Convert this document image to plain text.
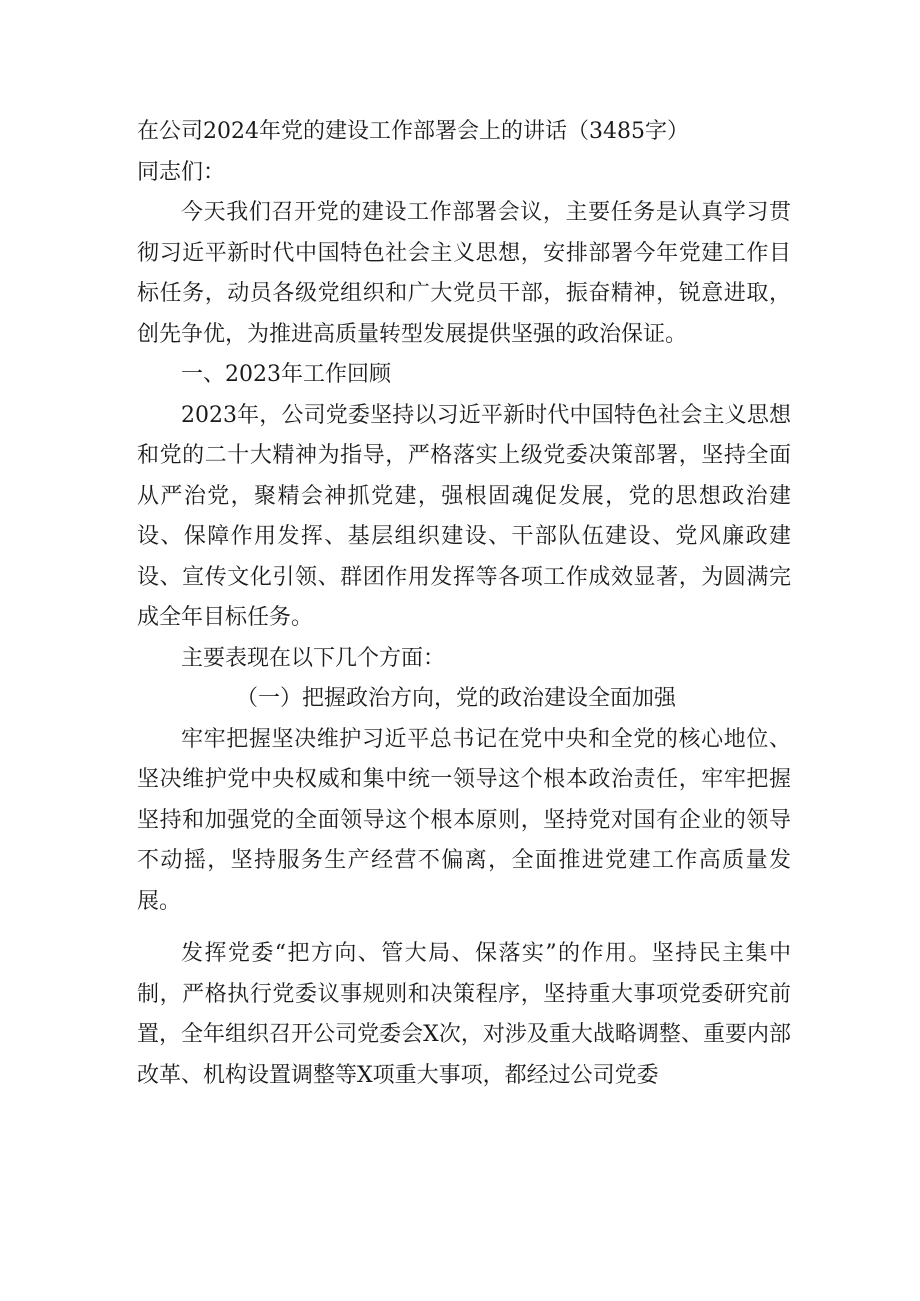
在公司2024年党的建设工作部署会上的讲话（3485字）

同志们：

今天我们召开党的建设工作部署会议，主要任务是认真学习贯彻习近平新时代中国特色社会主义思想，安排部署今年党建工作目标任务，动员各级党组织和广大党员干部，振奋精神，锐意进取，创先争优，为推进高质量转型发展提供坚强的政治保证。

一、2023年工作回顾

2023年，公司党委坚持以习近平新时代中国特色社会主义思想和党的二十大精神为指导，严格落实上级党委决策部署，坚持全面从严治党，聚精会神抓党建，强根固魂促发展，党的思想政治建设、保障作用发挥、基层组织建设、干部队伍建设、党风廉政建设、宣传文化引领、群团作用发挥等各项工作成效显著，为圆满完成全年目标任务。

主要表现在以下几个方面：

（一）把握政治方向，党的政治建设全面加强

牢牢把握坚决维护习近平总书记在党中央和全党的核心地位、坚决维护党中央权威和集中统一领导这个根本政治责任，牢牢把握坚持和加强党的全面领导这个根本原则，坚持党对国有企业的领导不动摇，坚持服务生产经营不偏离，全面推进党建工作高质量发展。

发挥党委“把方向、管大局、保落实”的作用。坚持民主集中制，严格执行党委议事规则和决策程序，坚持重大事项党委研究前置，全年组织召开公司党委会X次，对涉及重大战略调整、重要内部改革、机构设置调整等X项重大事项，都经过公司党委
